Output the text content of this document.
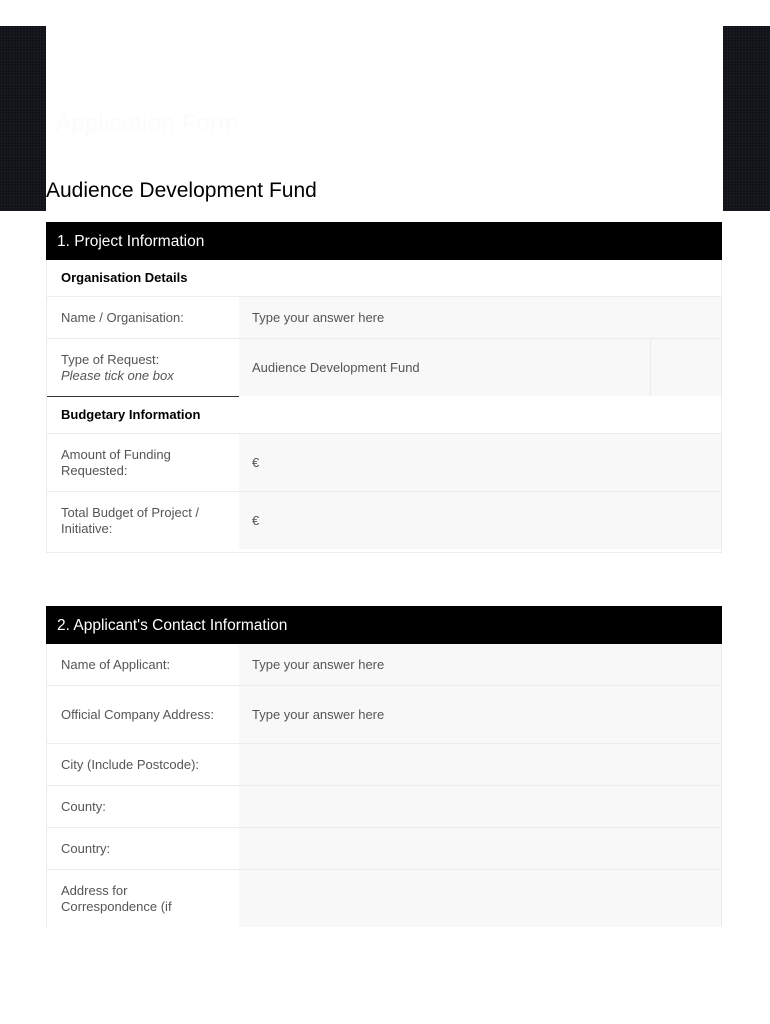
Application Form
Audience Development Fund
1. Project Information
Organisation Details
Name / Organisation:	Type your answer here
Type of Request:
Please tick one box	Audience Development Fund
Budgetary Information
Amount of Funding Requested:	€
Total Budget of Project / Initiative:	€
2. Applicant's Contact Information
Name of Applicant:	Type your answer here
Official Company Address:	Type your answer here
City (Include Postcode):
County:
Country:
Address for Correspondence (if
